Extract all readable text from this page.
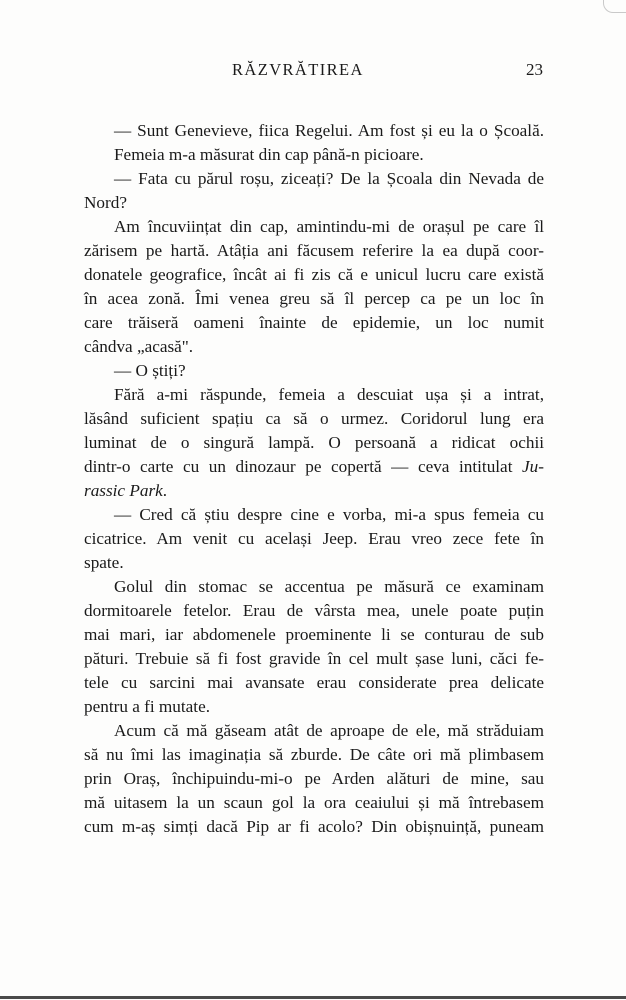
RĂZVRĂTIREA	23
— Sunt Genevieve, fiica Regelui. Am fost și eu la o Școală.
Femeia m-a măsurat din cap până-n picioare.
— Fata cu părul roșu, ziceați? De la Școala din Nevada de
Nord?
Am încuviințat din cap, amintindu-mi de orașul pe care îl
zărisem pe hartă. Atâția ani făcusem referire la ea după coor-
donatele geografice, încât ai fi zis că e unicul lucru care există
în acea zonă. Îmi venea greu să îl percep ca pe un loc în
care trăiseră oameni înainte de epidemie, un loc numit
cândva „acasă".
— O știți?
Fără a-mi răspunde, femeia a descuiat ușa și a intrat,
lăsând suficient spațiu ca să o urmez. Coridorul lung era
luminat de o singură lampă. O persoană a ridicat ochii
dintr-o carte cu un dinozaur pe copertă — ceva intitulat Ju-
rassic Park.
— Cred că știu despre cine e vorba, mi-a spus femeia cu
cicatrice. Am venit cu același Jeep. Erau vreo zece fete în
spate.
Golul din stomac se accentua pe măsură ce examinam
dormitoarele fetelor. Erau de vârsta mea, unele poate puțin
mai mari, iar abdomenele proeminente li se conturau de sub
pături. Trebuie să fi fost gravide în cel mult șase luni, căci fe-
tele cu sarcini mai avansate erau considerate prea delicate
pentru a fi mutate.
Acum că mă găseam atât de aproape de ele, mă străduiam
să nu îmi las imaginația să zburde. De câte ori mă plimbasem
prin Oraș, închipuindu-mi-o pe Arden alături de mine, sau
mă uitasem la un scaun gol la ora ceaiului și mă întrebasem
cum m-aș simți dacă Pip ar fi acolo? Din obișnuință, puneam
